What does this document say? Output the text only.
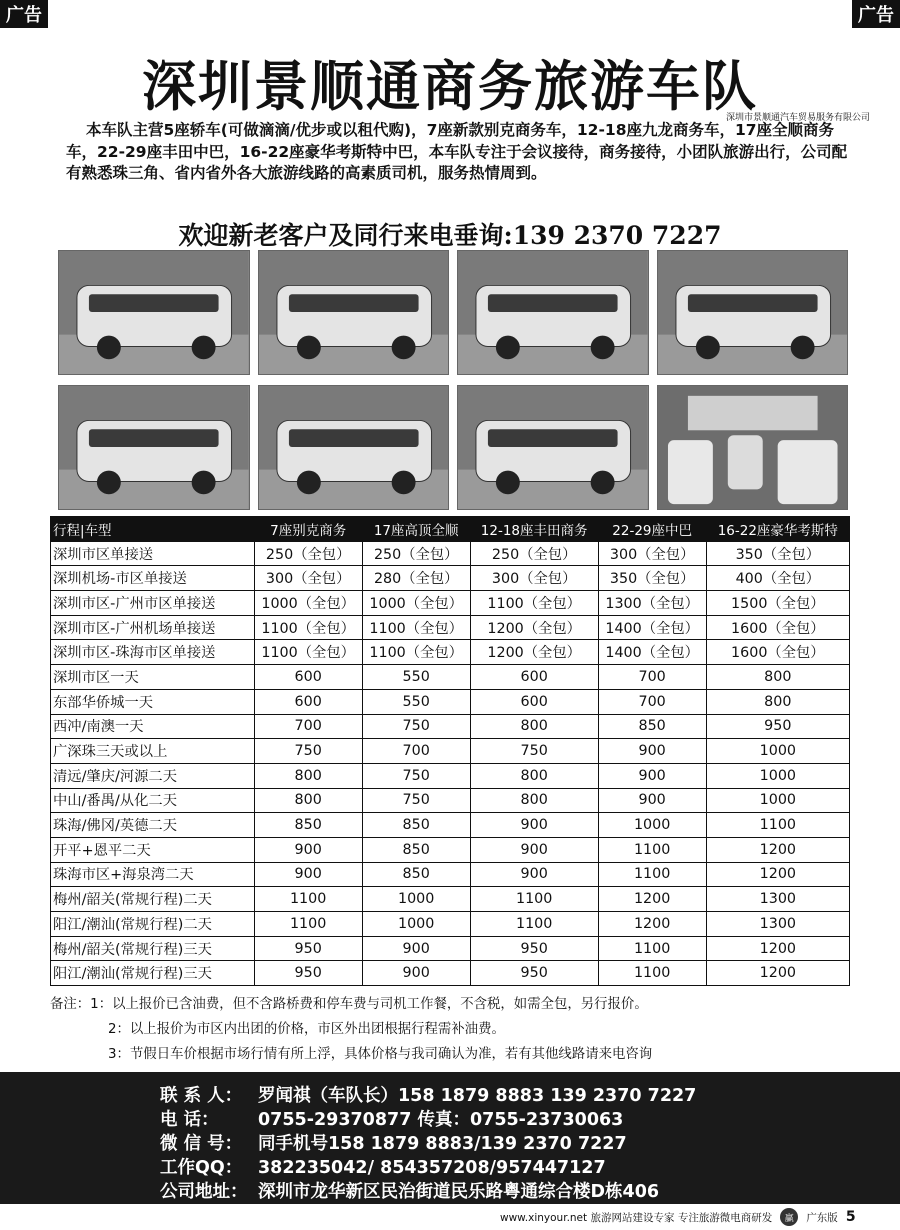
广告	广告
深圳景顺通商务旅游车队
深圳市景顺通汽车贸易服务有限公司
本车队主营5座轿车(可做滴滴/优步或以租代购)，7座新款别克商务车，12-18座九龙商务车，17座全顺商务车，22-29座丰田中巴，16-22座豪华考斯特中巴，本车队专注于会议接待，商务接待，小团队旅游出行，公司配有熟悉珠三角、省内省外各大旅游线路的高素质司机，服务热情周到。
欢迎新老客户及同行来电垂询:139 2370 7227
行程|车型	7座别克商务	17座高顶全顺	12-18座丰田商务	22-29座中巴	16-22座豪华考斯特
深圳市区单接送	250（全包）	250（全包）	250（全包）	300（全包）	350（全包）
深圳机场-市区单接送	300（全包）	280（全包）	300（全包）	350（全包）	400（全包）
深圳市区-广州市区单接送	1000（全包）	1000（全包）	1100（全包）	1300（全包）	1500（全包）
深圳市区-广州机场单接送	1100（全包）	1100（全包）	1200（全包）	1400（全包）	1600（全包）
深圳市区-珠海市区单接送	1100（全包）	1100（全包）	1200（全包）	1400（全包）	1600（全包）
深圳市区一天	600	550	600	700	800
东部华侨城一天	600	550	600	700	800
西冲/南澳一天	700	750	800	850	950
广深珠三天或以上	750	700	750	900	1000
清远/肇庆/河源二天	800	750	800	900	1000
中山/番禺/从化二天	800	750	800	900	1000
珠海/佛冈/英德二天	850	850	900	1000	1100
开平+恩平二天	900	850	900	1100	1200
珠海市区+海泉湾二天	900	850	900	1100	1200
梅州/韶关(常规行程)二天	1100	1000	1100	1200	1300
阳江/潮汕(常规行程)二天	1100	1000	1100	1200	1300
梅州/韶关(常规行程)三天	950	900	950	1100	1200
阳江/潮汕(常规行程)三天	950	900	950	1100	1200
备注：1：以上报价已含油费，但不含路桥费和停车费与司机工作餐，不含税，如需全包，另行报价。
2：以上报价为市区内出团的价格，市区外出团根据行程需补油费。
3：节假日车价根据市场行情有所上浮，具体价格与我司确认为准，若有其他线路请来电咨询
联 系 人： 罗闻祺（车队长）158 1879 8883 139 2370 7227
电 话： 0755-29370877 传真：0755-23730063
微 信 号： 同手机号158 1879 8883/139 2370 7227
工作QQ： 382235042/ 854357208/957447127
公司地址： 深圳市龙华新区民治街道民乐路粤通综合楼D栋406
www.xinyour.net 旅游网站建设专家 专注旅游微电商研发	赢	广东版 5
